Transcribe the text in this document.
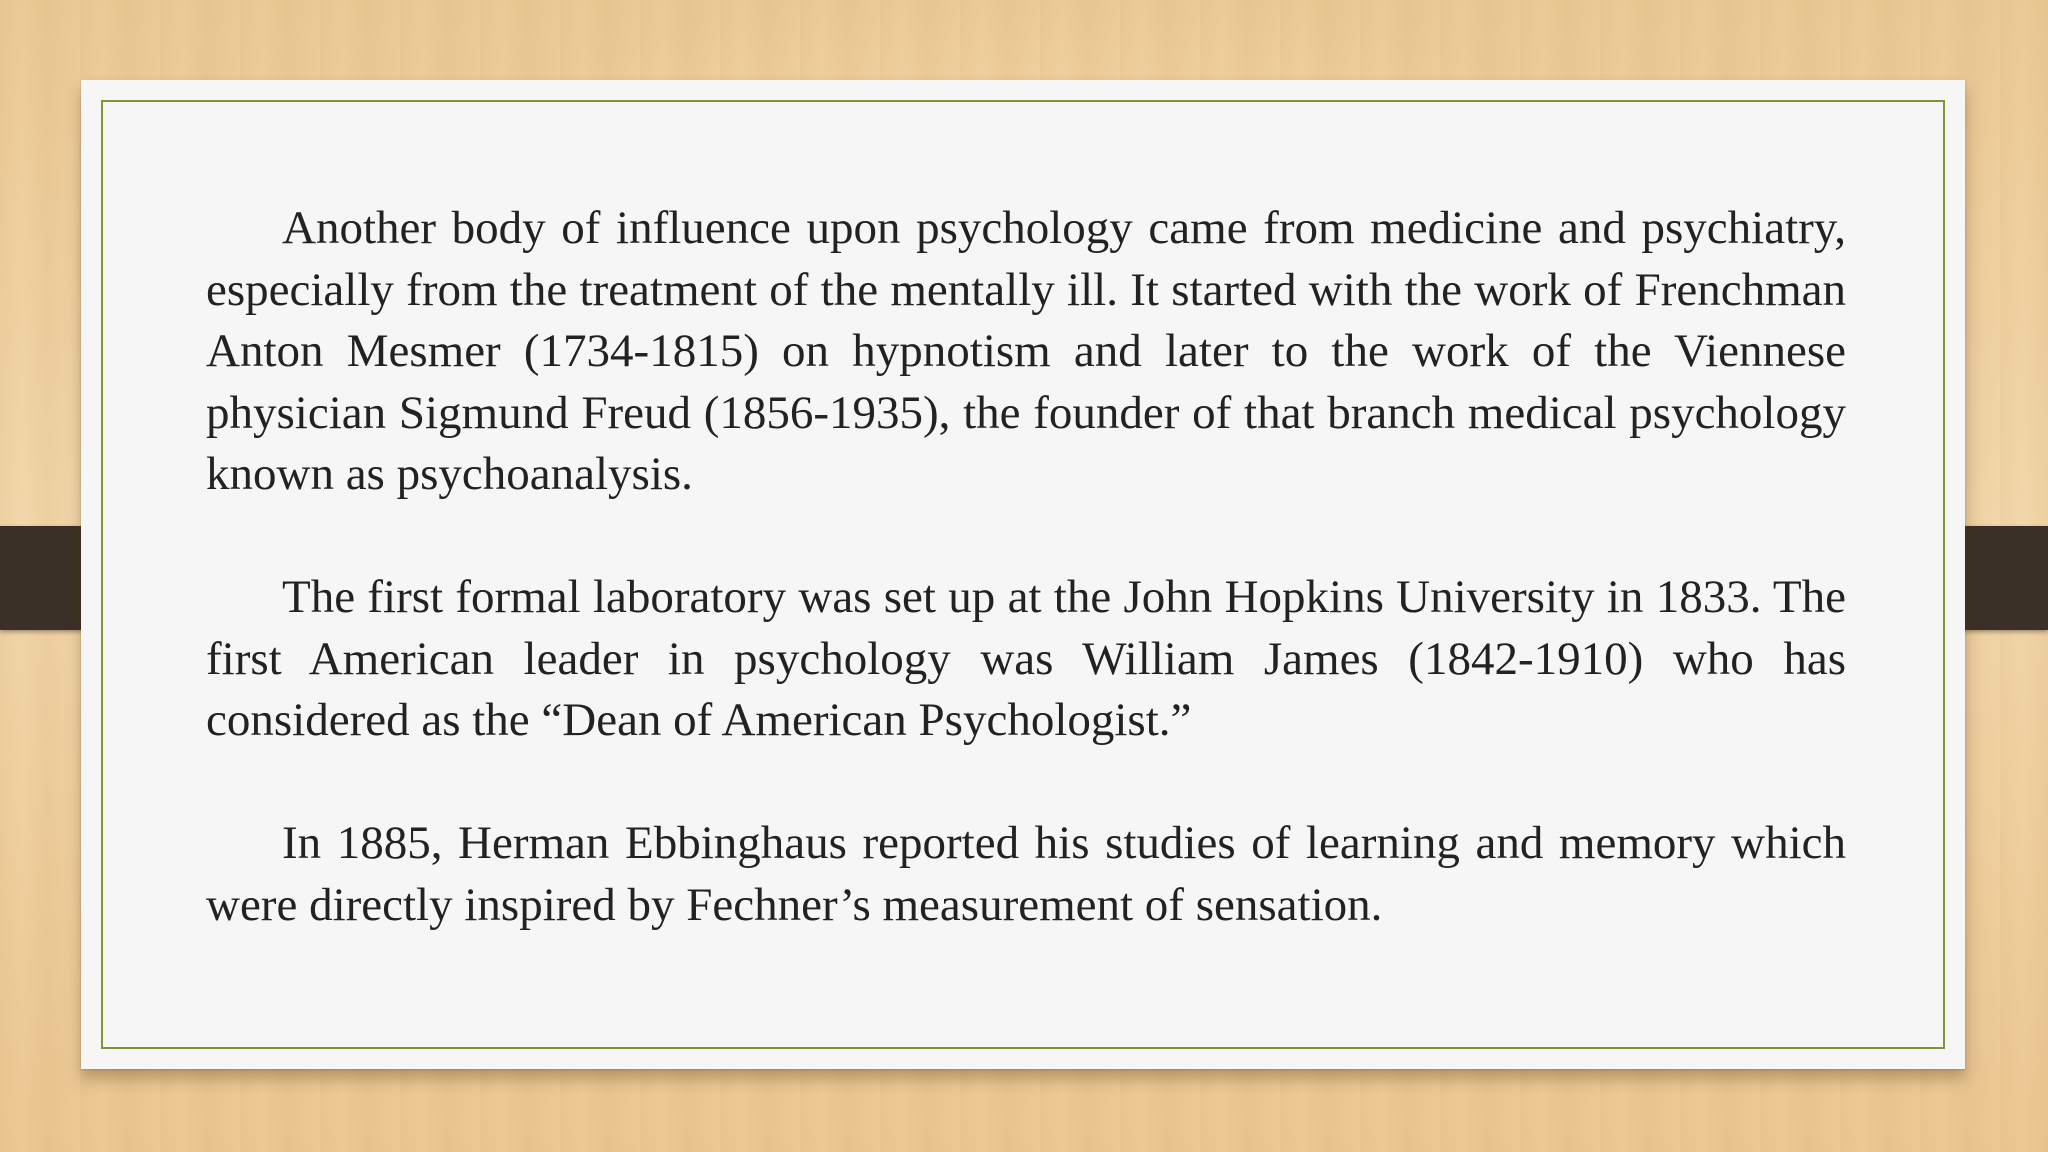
Another body of influence upon psychology came from medicine and psychiatry, especially from the treatment of the mentally ill. It started with the work of Frenchman Anton Mesmer (1734-1815) on hypnotism and later to the work of the Viennese physician Sigmund Freud (1856-1935), the founder of that branch medical psychology known as psychoanalysis.

The first formal laboratory was set up at the John Hopkins University in 1833. The first American leader in psychology was William James (1842-1910) who has considered as the “Dean of American Psychologist.”

In 1885, Herman Ebbinghaus reported his studies of learning and memory which were directly inspired by Fechner’s measurement of sensation.
